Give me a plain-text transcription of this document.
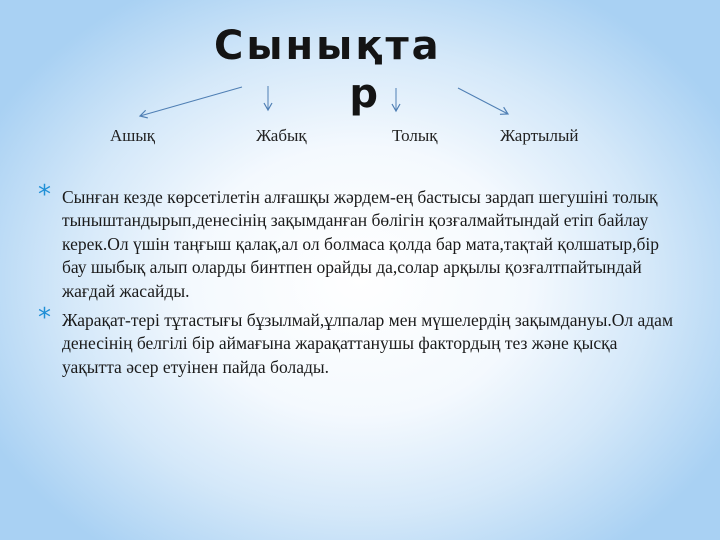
Сынықта
р
Ашық	Жабық	Толық	Жартылый
* Сынған кезде көрсетілетін алғашқы жәрдем-ең бастысы зардап шегушіні толық тыныштандырып,денесінің зақымданған бөлігін қозғалмайтындай етіп байлау керек.Ол үшін таңғыш қалақ,ал ол болмаса қолда бар мата,тақтай қолшатыр,бір бау шыбық алып оларды бинтпен орайды да,солар арқылы қозғалтпайтындай жағдай жасайды.
* Жарақат-тері тұтастығы бұзылмай,ұлпалар мен мүшелердің зақымдануы.Ол адам денесінің белгілі бір аймағына жарақаттанушы фактордың тез және қысқа уақытта әсер етуінен пайда болады.
